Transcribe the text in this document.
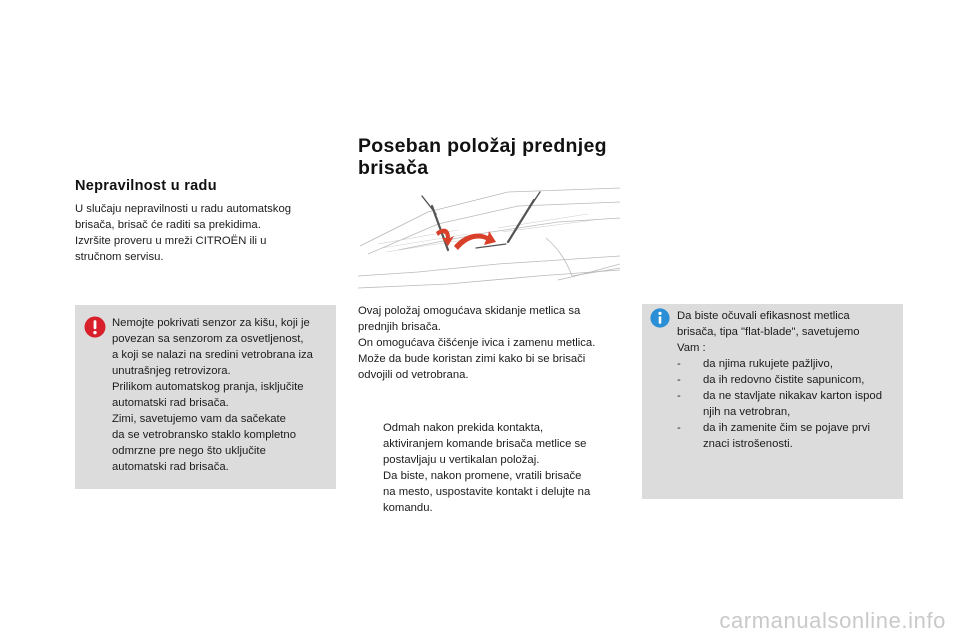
Nepravilnost u radu

U slučaju nepravilnosti u radu automatskog
brisača, brisač će raditi sa prekidima.
Izvršite proveru u mreži CITROËN ili u
stručnom servisu.

Nemojte pokrivati senzor za kišu, koji je
povezan sa senzorom za osvetljenost,
a koji se nalazi na sredini vetrobrana iza
unutrašnjeg retrovizora.
Prilikom automatskog pranja, isključite
automatski rad brisača.
Zimi, savetujemo vam da sačekate
da se vetrobransko staklo kompletno
odmrzne pre nego što uključite
automatski rad brisača.

Poseban položaj prednjeg
brisača

Ovaj položaj omogućava skidanje metlica sa
prednjih brisača.
On omogućava čišćenje ivica i zamenu metlica.
Može da bude koristan zimi kako bi se brisači
odvojili od vetrobrana.

Odmah nakon prekida kontakta,
aktiviranjem komande brisača metlice se
postavljaju u vertikalan položaj.
Da biste, nakon promene, vratili brisače
na mesto, uspostavite kontakt i delujte na
komandu.
Da biste očuvali efikasnost metlica
brisača, tipa "flat-blade", savetujemo
Vam :
- da njima rukujete pažljivo,
- da ih redovno čistite sapunicom,
- da ne stavljate nikakav karton ispod
njih na vetrobran,
- da ih zamenite čim se pojave prvi
znaci istrošenosti.
carmanualsonline.info
